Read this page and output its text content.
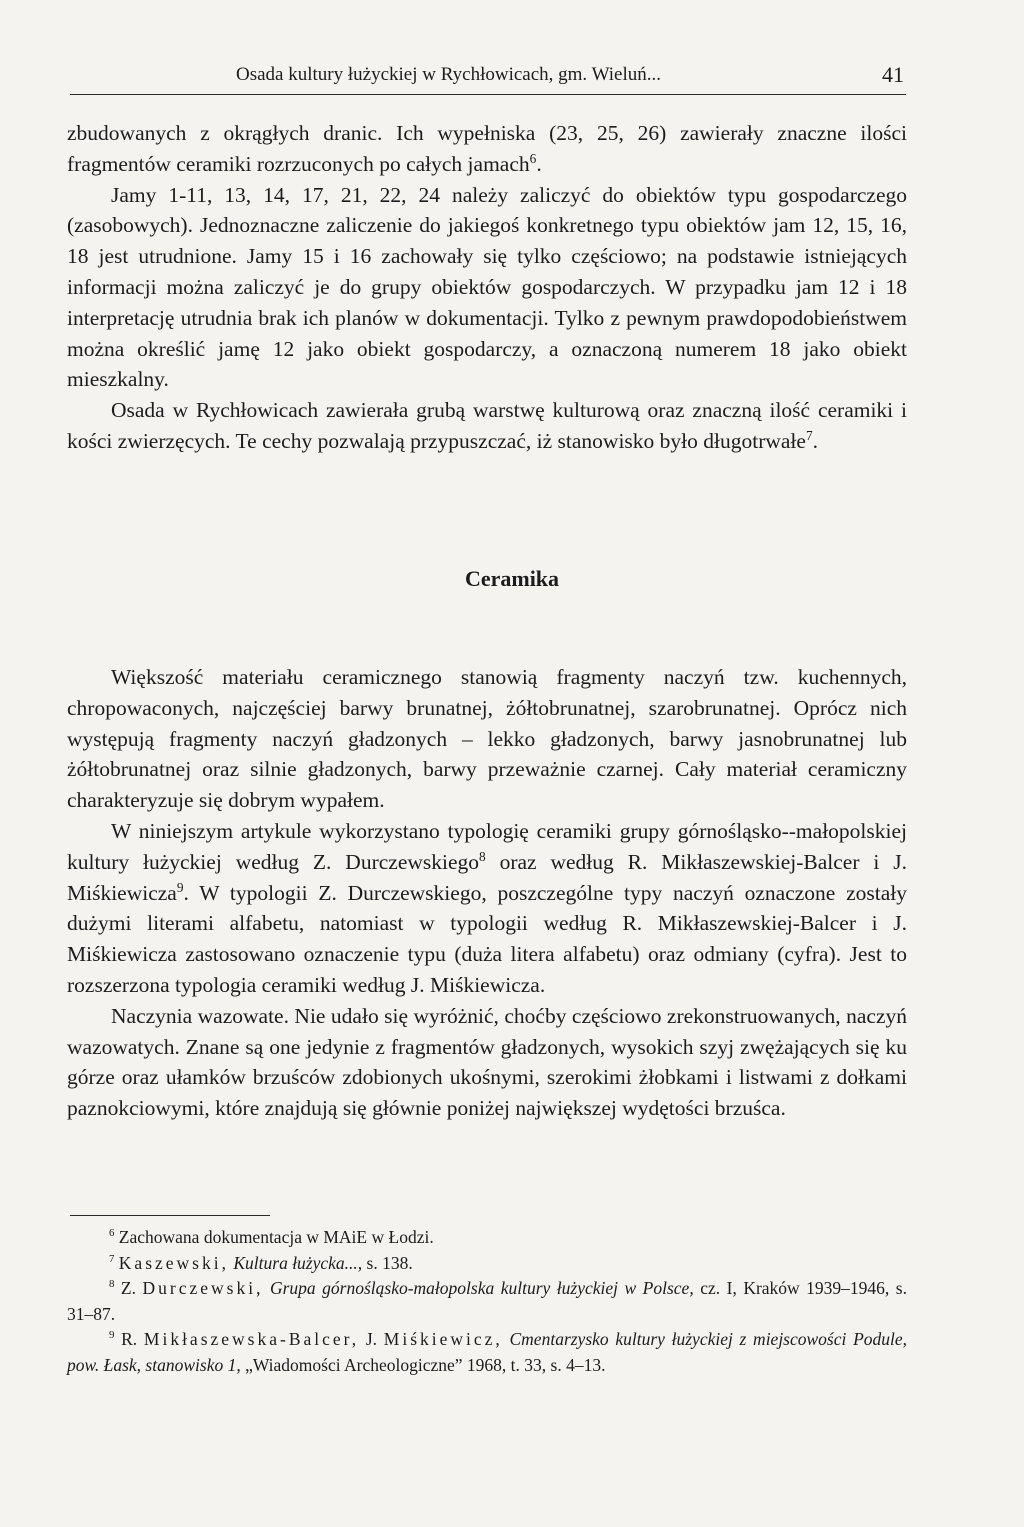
Osada kultury łużyckiej w Rychłowicach, gm. Wieluń...	41

zbudowanych z okrągłych dranic. Ich wypełniska (23, 25, 26) zawierały znaczne ilości fragmentów ceramiki rozrzuconych po całych jamach$^6$.

Jamy 1-11, 13, 14, 17, 21, 22, 24 należy zaliczyć do obiektów typu gospodarczego (zasobowych). Jednoznaczne zaliczenie do jakiegoś konkretnego typu obiektów jam 12, 15, 16, 18 jest utrudnione. Jamy 15 i 16 zachowały się tylko częściowo; na podstawie istniejących informacji można zaliczyć je do grupy obiektów gospodarczych. W przypadku jam 12 i 18 interpretację utrudnia brak ich planów w dokumentacji. Tylko z pewnym prawdopodobieństwem można określić jamę 12 jako obiekt gospodarczy, a oznaczoną numerem 18 jako obiekt mieszkalny.

Osada w Rychłowicach zawierała grubą warstwę kulturową oraz znaczną ilość ceramiki i kości zwierzęcych. Te cechy pozwalają przypuszczać, iż stanowisko było długotrwałe$^7$.

Ceramika

Większość materiału ceramicznego stanowią fragmenty naczyń tzw. kuchennych, chropowaconych, najczęściej barwy brunatnej, żółtobrunatnej, szarobrunatnej. Oprócz nich występują fragmenty naczyń gładzonych – lekko gładzonych, barwy jasnobrunatnej lub żółtobrunatnej oraz silnie gładzonych, barwy przeważnie czarnej. Cały materiał ceramiczny charakteryzuje się dobrym wypałem.

W niniejszym artykule wykorzystano typologię ceramiki grupy górnośląsko--małopolskiej kultury łużyckiej według Z. Durczewskiego$^8$ oraz według R. Mikłaszewskiej-Balcer i J. Miśkiewicza$^9$. W typologii Z. Durczewskiego, poszczególne typy naczyń oznaczone zostały dużymi literami alfabetu, natomiast w typologii według R. Mikłaszewskiej-Balcer i J. Miśkiewicza zastosowano oznaczenie typu (duża litera alfabetu) oraz odmiany (cyfra). Jest to rozszerzona typologia ceramiki według J. Miśkiewicza.

Naczynia wazowate. Nie udało się wyróżnić, choćby częściowo zrekonstruowanych, naczyń wazowatych. Znane są one jedynie z fragmentów gładzonych, wysokich szyj zwężających się ku górze oraz ułamków brzuśców zdobionych ukośnymi, szerokimi żłobkami i listwami z dołkami paznokciowymi, które znajdują się głównie poniżej największej wydętości brzuśca.

$^6$ Zachowana dokumentacja w MAiE w Łodzi.

$^7$ Kaszewski, Kultura łużycka..., s. 138.

$^8$ Z. Durczewski, Grupa górnośląsko-małopolska kultury łużyckiej w Polsce, cz. I, Kraków 1939–1946, s. 31–87.

$^9$ R. Mikłaszewska-Balcer, J. Miśkiewicz, Cmentarzysko kultury łużyckiej z miejscowości Podule, pow. Łask, stanowisko 1, „Wiadomości Archeologiczne” 1968, t. 33, s. 4–13.
